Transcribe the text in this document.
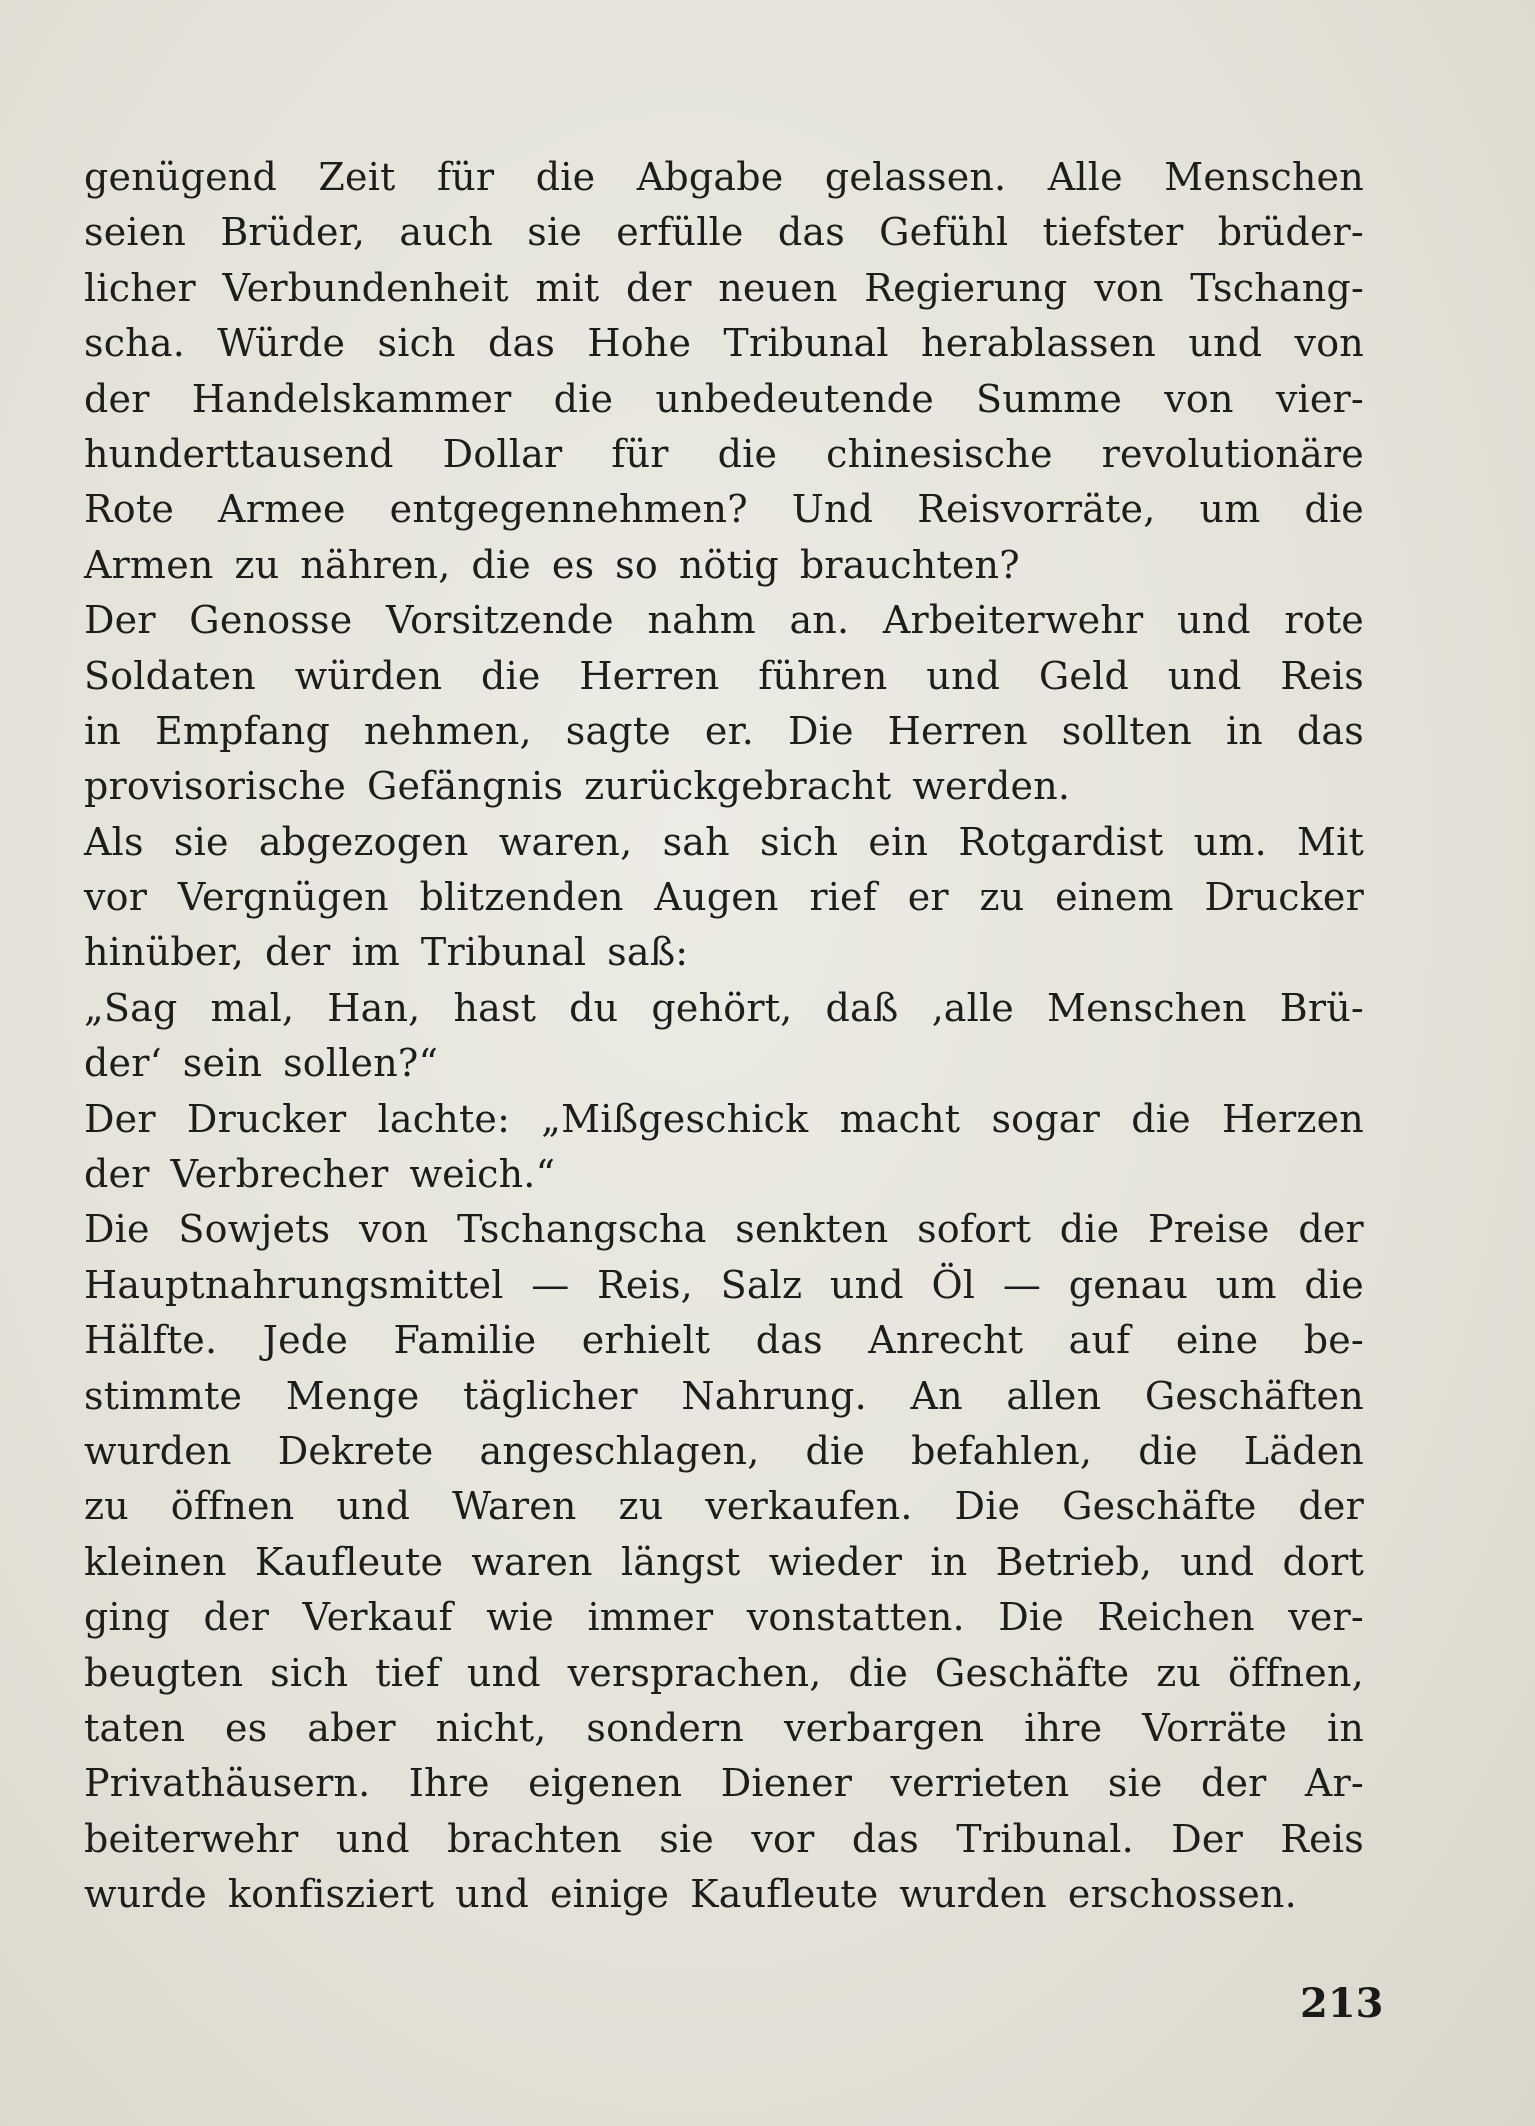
genügend Zeit für die Abgabe gelassen. Alle Menschen
seien Brüder, auch sie erfülle das Gefühl tiefster brüder-
licher Verbundenheit mit der neuen Regierung von Tschang-
scha. Würde sich das Hohe Tribunal herablassen und von
der Handelskammer die unbedeutende Summe von vier-
hunderttausend Dollar für die chinesische revolutionäre
Rote Armee entgegennehmen? Und Reisvorräte, um die
Armen zu nähren, die es so nötig brauchten?
Der Genosse Vorsitzende nahm an. Arbeiterwehr und rote
Soldaten würden die Herren führen und Geld und Reis
in Empfang nehmen, sagte er. Die Herren sollten in das
provisorische Gefängnis zurückgebracht werden.
Als sie abgezogen waren, sah sich ein Rotgardist um. Mit
vor Vergnügen blitzenden Augen rief er zu einem Drucker
hinüber, der im Tribunal saß:
„Sag mal, Han, hast du gehört, daß ‚alle Menschen Brü-
der‘ sein sollen?“
Der Drucker lachte: „Mißgeschick macht sogar die Herzen
der Verbrecher weich.“
Die Sowjets von Tschangscha senkten sofort die Preise der
Hauptnahrungsmittel — Reis, Salz und Öl — genau um die
Hälfte. Jede Familie erhielt das Anrecht auf eine be-
stimmte Menge täglicher Nahrung. An allen Geschäften
wurden Dekrete angeschlagen, die befahlen, die Läden
zu öffnen und Waren zu verkaufen. Die Geschäfte der
kleinen Kaufleute waren längst wieder in Betrieb, und dort
ging der Verkauf wie immer vonstatten. Die Reichen ver-
beugten sich tief und versprachen, die Geschäfte zu öffnen,
taten es aber nicht, sondern verbargen ihre Vorräte in
Privathäusern. Ihre eigenen Diener verrieten sie der Ar-
beiterwehr und brachten sie vor das Tribunal. Der Reis
wurde konfisziert und einige Kaufleute wurden erschossen.
213
